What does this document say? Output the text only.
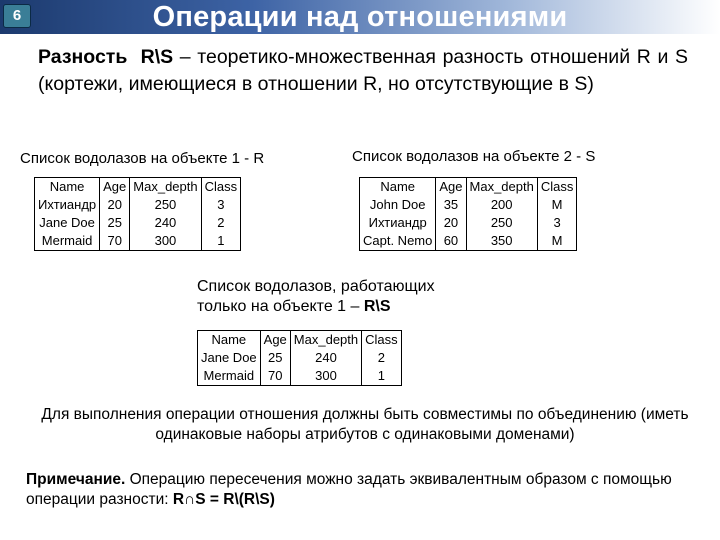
6	Операции над отношениями
Разность R\S – теоретико-множественная разность отношений R и S (кортежи, имеющиеся в отношении R, но отсутствующие в S)
Список водолазов на объекте 1 - R
Name	Age	Max_depth	Class
Ихтиандр	20	250	3
Jane Doe	25	240	2
Mermaid	70	300	1
Список водолазов на объекте 2 - S
Name	Age	Max_depth	Class
John Doe	35	200	M
Ихтиандр	20	250	3
Capt. Nemo	60	350	M
Список водолазов, работающих
только на объекте 1 – R\S
Name	Age	Max_depth	Class
Jane Doe	25	240	2
Mermaid	70	300	1
Для выполнения операции отношения должны быть совместимы по объединению (иметь одинаковые наборы атрибутов с одинаковыми доменами)
Примечание. Операцию пересечения можно задать эквивалентным образом с помощью операции разности: R∩S = R\(R\S)
